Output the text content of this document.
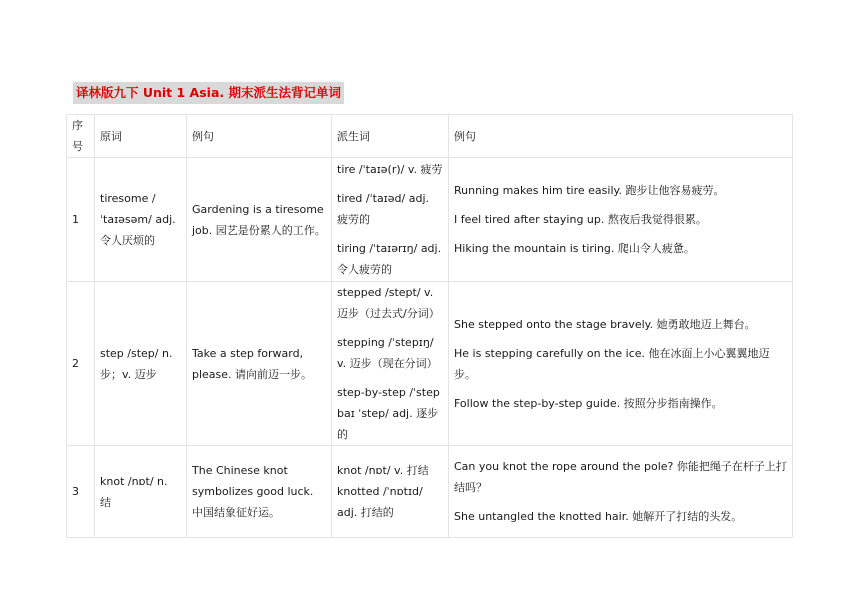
译林版九下 Unit 1 Asia. 期末派生法背记单词
序号	原词	例句	派生词	例句
1	tiresome /ˈtaɪəsəm/ adj. 令人厌烦的	Gardening is a tiresome job. 园艺是份累人的工作。	tire /ˈtaɪə(r)/ v. 疲劳
tired /ˈtaɪəd/ adj. 疲劳的
tiring /ˈtaɪərɪŋ/ adj. 令人疲劳的	Running makes him tire easily. 跑步让他容易疲劳。
I feel tired after staying up. 熬夜后我觉得很累。
Hiking the mountain is tiring. 爬山令人疲惫。

2	step /step/ n. 步；v. 迈步	Take a step forward, please. 请向前迈一步。	stepped /stept/ v. 迈步（过去式/分词）
stepping /ˈstepɪŋ/ v. 迈步（现在分词）
step-by-step /ˈstep baɪ ˈstep/ adj. 逐步的	She stepped onto the stage bravely. 她勇敢地迈上舞台。
He is stepping carefully on the ice. 他在冰面上小心翼翼地迈步。
Follow the step-by-step guide. 按照分步指南操作。

3	knot /nɒt/ n. 结	The Chinese knot symbolizes good luck. 中国结象征好运。	knot /nɒt/ v. 打结 knotted /ˈnɒtɪd/ adj. 打结的	Can you knot the rope around the pole? 你能把绳子在杆子上打结吗？
She untangled the knotted hair. 她解开了打结的头发。
